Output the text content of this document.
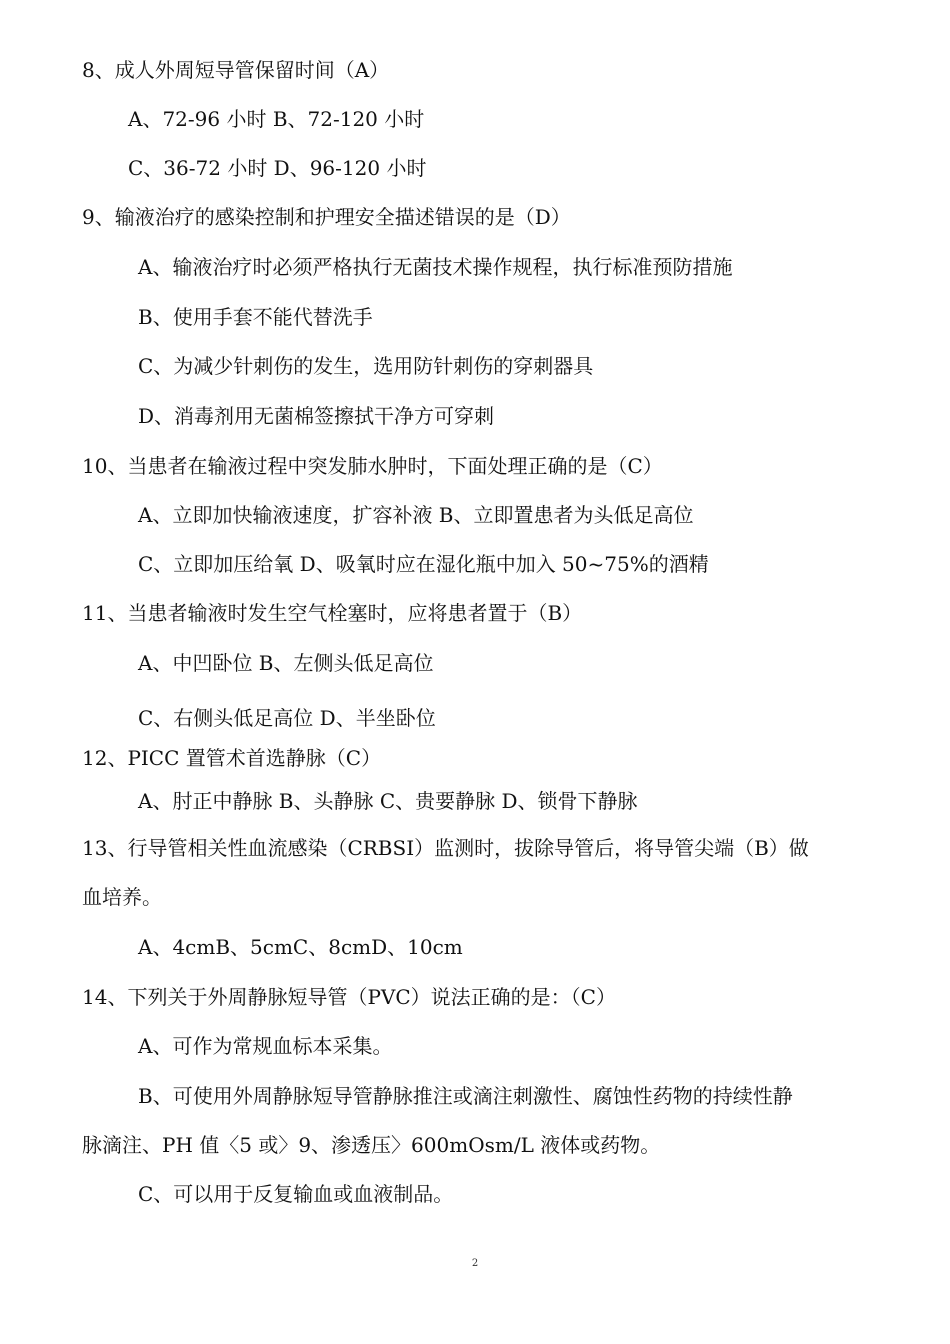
8、成人外周短导管保留时间（A）
A、72-96 小时 B、72-120 小时
C、36-72 小时 D、96-120 小时
9、输液治疗的感染控制和护理安全描述错误的是（D）
A、输液治疗时必须严格执行无菌技术操作规程，执行标准预防措施
B、使用手套不能代替洗手
C、为减少针刺伤的发生，选用防针刺伤的穿刺器具
D、消毒剂用无菌棉签擦拭干净方可穿刺
10、当患者在输液过程中突发肺水肿时，下面处理正确的是（C）
A、立即加快输液速度，扩容补液 B、立即置患者为头低足高位
C、立即加压给氧 D、吸氧时应在湿化瓶中加入 50~75%的酒精
11、当患者输液时发生空气栓塞时，应将患者置于（B）
A、中凹卧位 B、左侧头低足高位
C、右侧头低足高位 D、半坐卧位
12、PICC 置管术首选静脉（C）
A、肘正中静脉 B、头静脉 C、贵要静脉 D、锁骨下静脉
13、行导管相关性血流感染（CRBSI）监测时，拔除导管后，将导管尖端（B）做
血培养。
A、4cmB、5cmC、8cmD、10cm
14、下列关于外周静脉短导管（PVC）说法正确的是：（C）
A、可作为常规血标本采集。
B、可使用外周静脉短导管静脉推注或滴注刺激性、腐蚀性药物的持续性静
脉滴注、PH 值〈5 或〉9、渗透压〉600mOsm/L 液体或药物。
C、可以用于反复输血或血液制品。
2
